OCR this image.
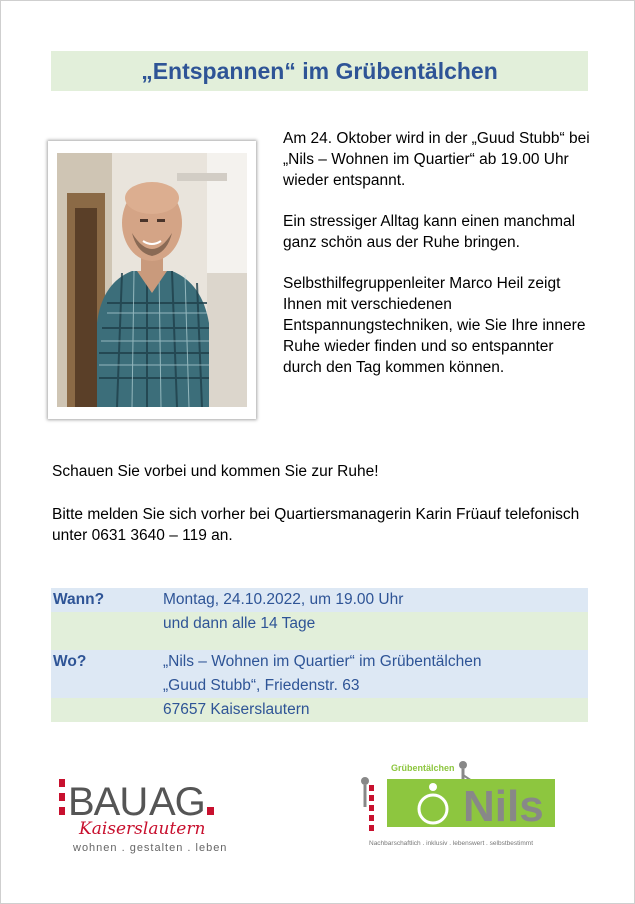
„Entspannen“ im Grübentälchen

Am 24. Oktober wird in der „Guud Stubb“ bei „Nils – Wohnen im Quartier“ ab 19.00 Uhr wieder entspannt.

Ein stressiger Alltag kann einen manchmal ganz schön aus der Ruhe bringen.

Selbsthilfegruppenleiter Marco Heil zeigt Ihnen mit verschiedenen Entspannungstechniken, wie Sie Ihre innere Ruhe wieder finden und so entspannter durch den Tag kommen können.

Schauen Sie vorbei und kommen Sie zur Ruhe!

Bitte melden Sie sich vorher bei Quartiersmanagerin Karin Früauf telefonisch unter 0631 3640 – 119 an.

Wann?	Montag, 24.10.2022, um 19.00 Uhr
und dann alle 14 Tage
Wo?	„Nils – Wohnen im Quartier“ im Grübentälchen
„Guud Stubb“, Friedenstr. 63
67657 Kaiserslautern
BAU AG
Kaiserslautern
wohnen . gestalten . leben
Grübentälchen
Nils
Nachbarschaftlich . inklusiv . lebenswert . selbstbestimmt
